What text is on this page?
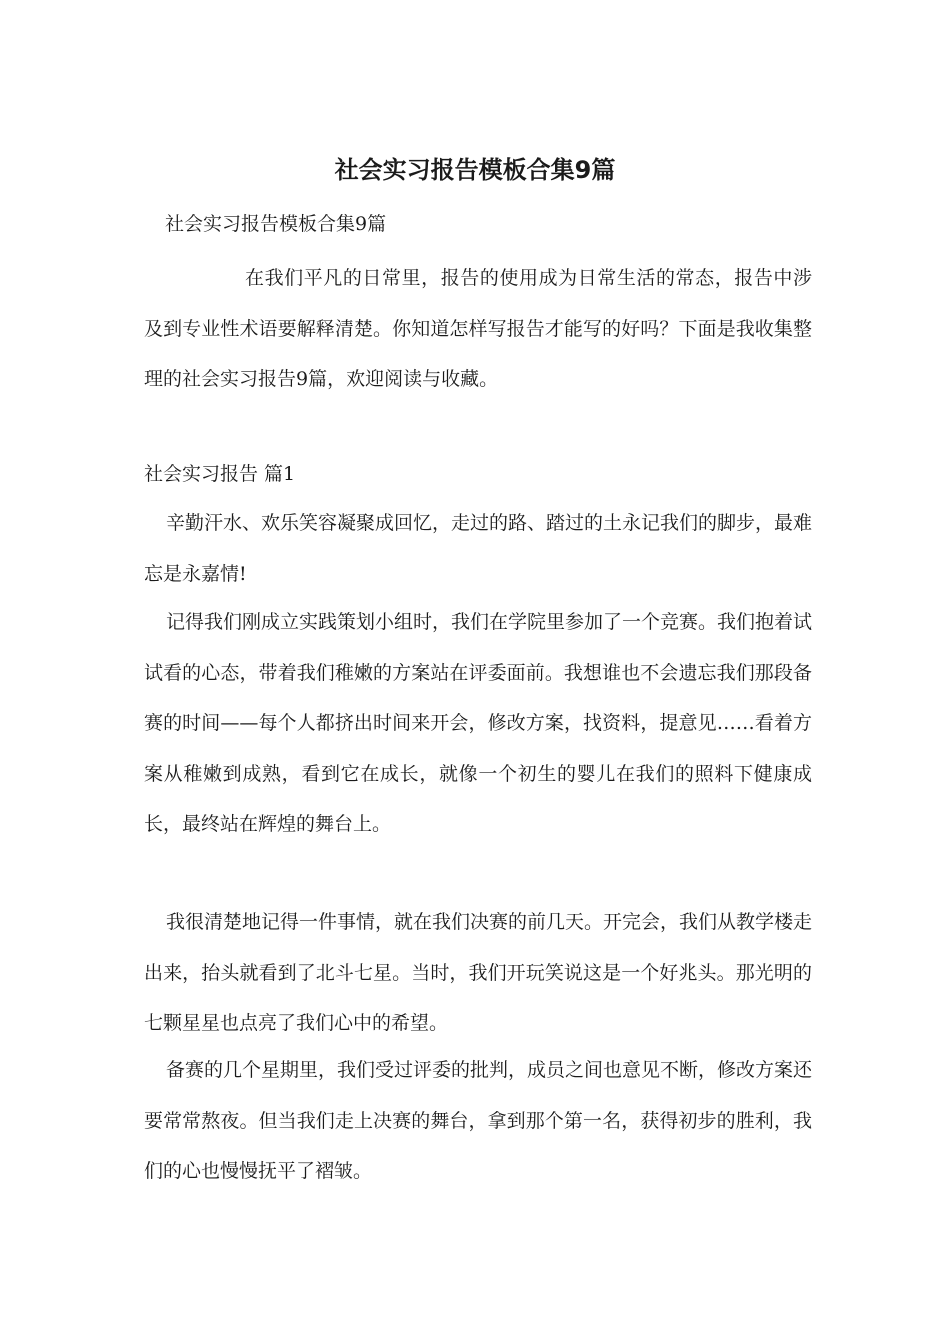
社会实习报告模板合集9篇

社会实习报告模板合集9篇

在我们平凡的日常里，报告的使用成为日常生活的常态，报告中涉及到专业性术语要解释清楚。你知道怎样写报告才能写的好吗？下面是我收集整理的社会实习报告9篇，欢迎阅读与收藏。

社会实习报告 篇1

辛勤汗水、欢乐笑容凝聚成回忆，走过的路、踏过的土永记我们的脚步，最难忘是永嘉情!

记得我们刚成立实践策划小组时，我们在学院里参加了一个竞赛。我们抱着试试看的心态，带着我们稚嫩的方案站在评委面前。我想谁也不会遗忘我们那段备赛的时间——每个人都挤出时间来开会，修改方案，找资料，提意见……看着方案从稚嫩到成熟，看到它在成长，就像一个初生的婴儿在我们的照料下健康成长，最终站在辉煌的舞台上。

我很清楚地记得一件事情，就在我们决赛的前几天。开完会，我们从教学楼走出来，抬头就看到了北斗七星。当时，我们开玩笑说这是一个好兆头。那光明的七颗星星也点亮了我们心中的希望。

备赛的几个星期里，我们受过评委的批判，成员之间也意见不断，修改方案还要常常熬夜。但当我们走上决赛的舞台，拿到那个第一名，获得初步的胜利，我们的心也慢慢抚平了褶皱。
